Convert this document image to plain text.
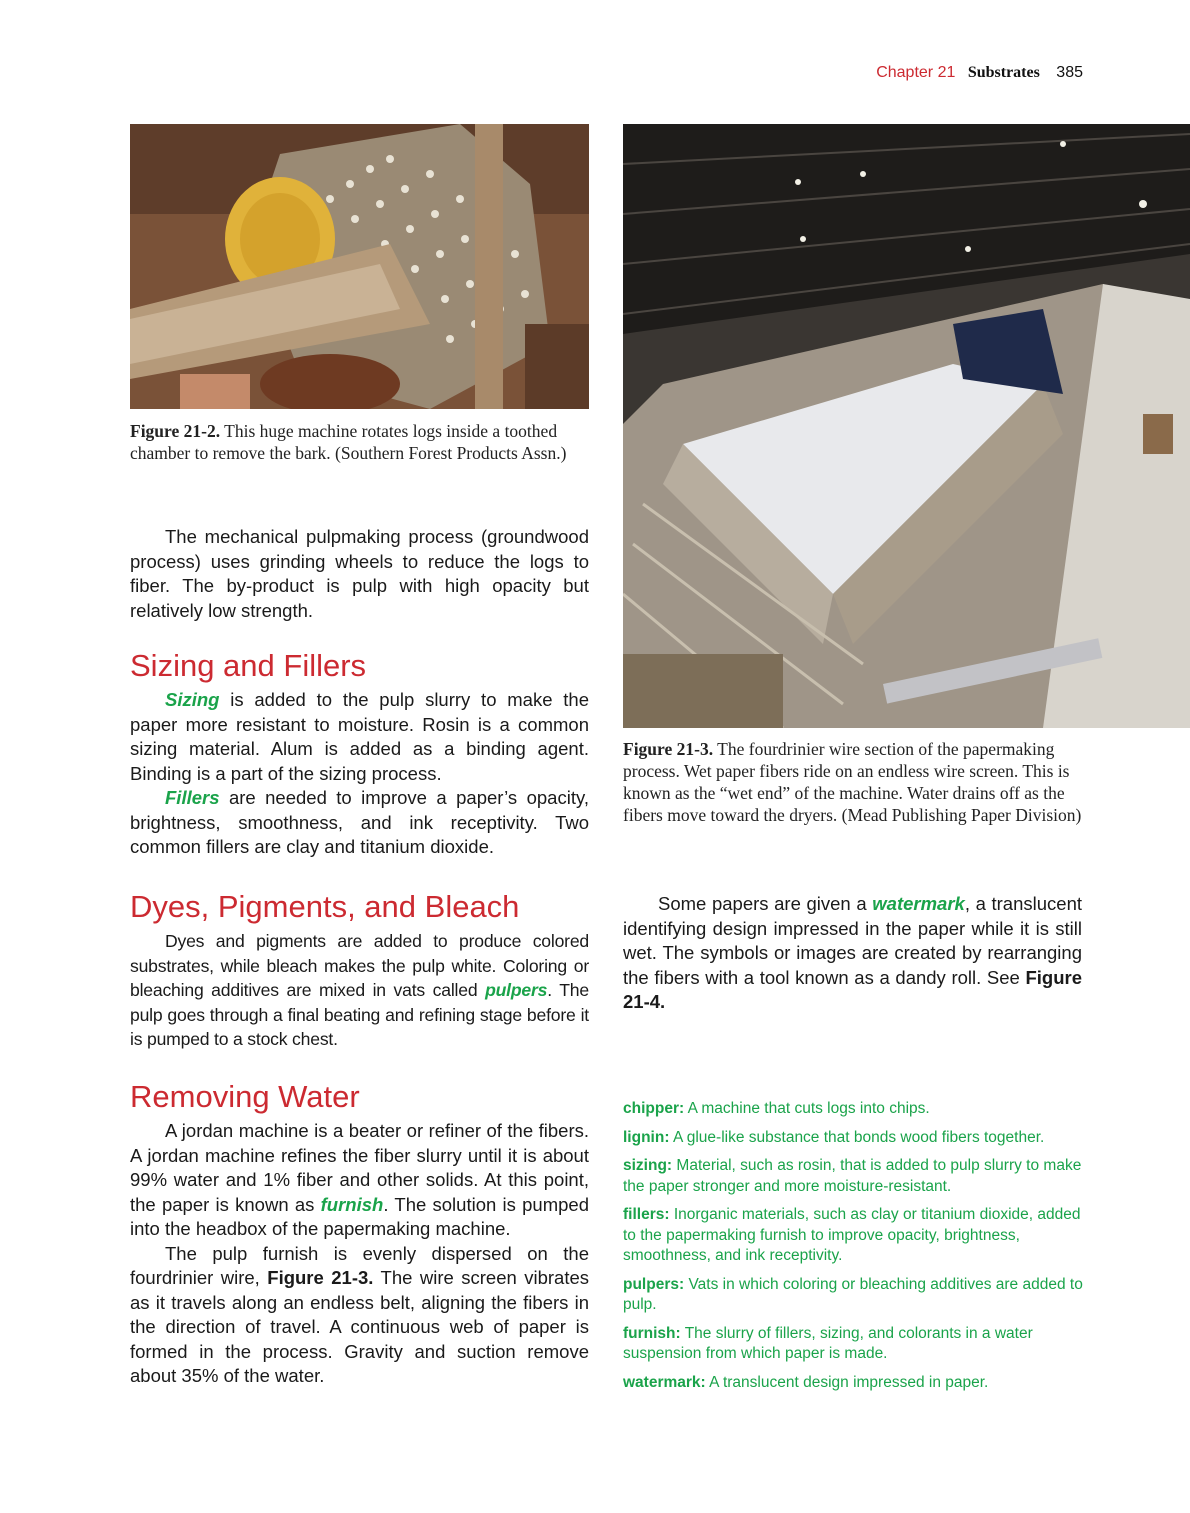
Chapter 21 Substrates 385
Figure 21-2. This huge machine rotates logs inside a toothed chamber to remove the bark. (Southern Forest Products Assn.)
Figure 21-3. The fourdrinier wire section of the papermaking process. Wet paper fibers ride on an endless wire screen. This is known as the “wet end” of the machine. Water drains off as the fibers move toward the dryers. (Mead Publishing Paper Division)

The mechanical pulpmaking process (groundwood process) uses grinding wheels to reduce the logs to fiber. The by-product is pulp with high opacity but relatively low strength.

Sizing and Fillers

Sizing is added to the pulp slurry to make the paper more resistant to moisture. Rosin is a common sizing material. Alum is added as a binding agent. Binding is a part of the sizing process.

Fillers are needed to improve a paper’s opacity, brightness, smoothness, and ink receptivity. Two common fillers are clay and titanium dioxide.

Dyes, Pigments, and Bleach

Dyes and pigments are added to produce colored substrates, while bleach makes the pulp white. Coloring or bleaching additives are mixed in vats called pulpers. The pulp goes through a final beating and refining stage before it is pumped to a stock chest.

Removing Water

A jordan machine is a beater or refiner of the fibers. A jordan machine refines the fiber slurry until it is about 99% water and 1% fiber and other solids. At this point, the paper is known as furnish. The solution is pumped into the headbox of the papermaking machine.

The pulp furnish is evenly dispersed on the fourdrinier wire, Figure 21-3. The wire screen vibrates as it travels along an endless belt, aligning the fibers in the direction of travel. A continuous web of paper is formed in the process. Gravity and suction remove about 35% of the water.

Some papers are given a watermark, a translucent identifying design impressed in the paper while it is still wet. The symbols or images are created by rearranging the fibers with a tool known as a dandy roll. See Figure 21-4.

chipper: A machine that cuts logs into chips.
lignin: A glue-like substance that bonds wood fibers together.
sizing: Material, such as rosin, that is added to pulp slurry to make the paper stronger and more moisture-resistant.
fillers: Inorganic materials, such as clay or titanium dioxide, added to the papermaking furnish to improve opacity, brightness, smoothness, and ink receptivity.
pulpers: Vats in which coloring or bleaching additives are added to pulp.
furnish: The slurry of fillers, sizing, and colorants in a water suspension from which paper is made.
watermark: A translucent design impressed in paper.
